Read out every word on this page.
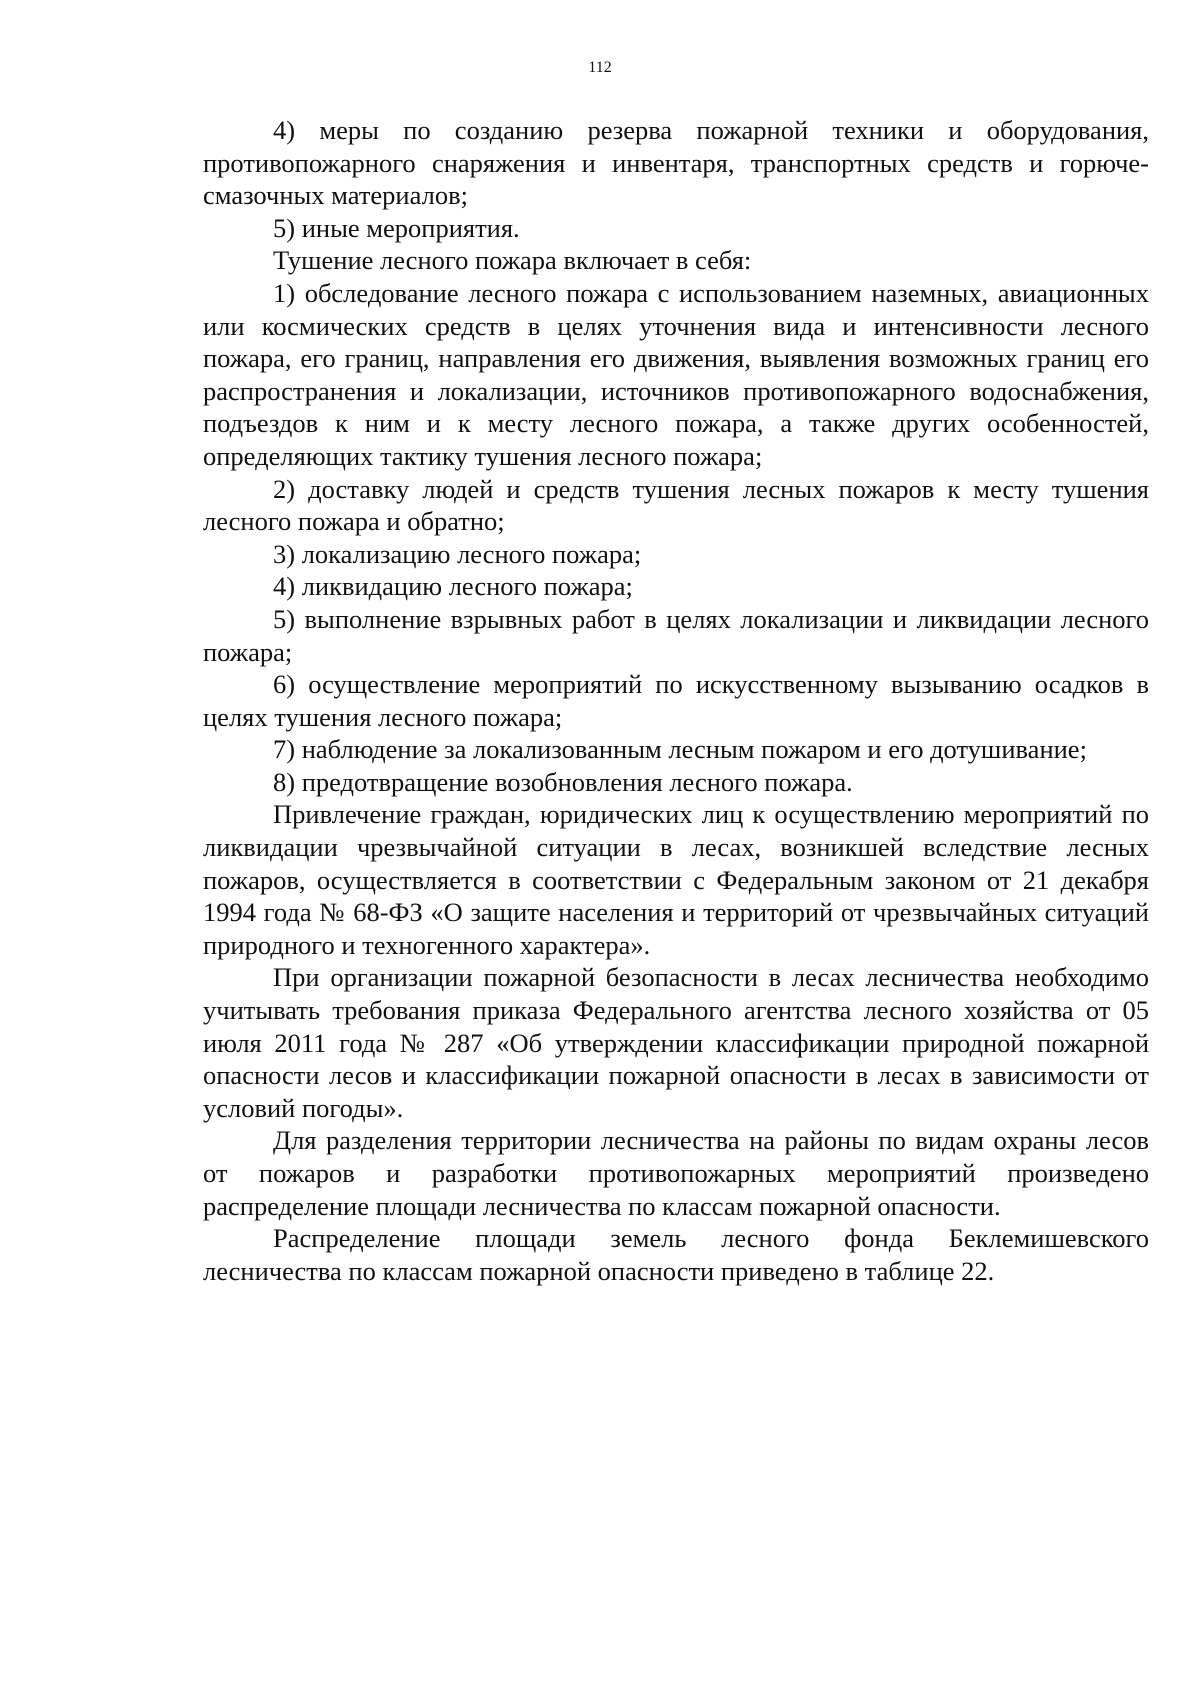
112

4) меры по созданию резерва пожарной техники и оборудования, противопожарного снаряжения и инвентаря, транспортных средств и горюче-смазочных материалов;

5) иные мероприятия.

Тушение лесного пожара включает в себя:

1) обследование лесного пожара с использованием наземных, авиационных или космических средств в целях уточнения вида и интенсивности лесного пожара, его границ, направления его движения, выявления возможных границ его распространения и локализации, источников противопожарного водоснабжения, подъездов к ним и к месту лесного пожара, а также других особенностей, определяющих тактику тушения лесного пожара;

2) доставку людей и средств тушения лесных пожаров к месту тушения лесного пожара и обратно;

3) локализацию лесного пожара;

4) ликвидацию лесного пожара;

5) выполнение взрывных работ в целях локализации и ликвидации лесного пожара;

6) осуществление мероприятий по искусственному вызыванию осадков в целях тушения лесного пожара;

7) наблюдение за локализованным лесным пожаром и его дотушивание;

8) предотвращение возобновления лесного пожара.

Привлечение граждан, юридических лиц к осуществлению мероприятий по ликвидации чрезвычайной ситуации в лесах, возникшей вследствие лесных пожаров, осуществляется в соответствии с Федеральным законом от 21 декабря 1994 года № 68-ФЗ «О защите населения и территорий от чрезвычайных ситуаций природного и техногенного характера».

При организации пожарной безопасности в лесах лесничества необходимо учитывать требования приказа Федерального агентства лесного хозяйства от 05 июля 2011 года № 287 «Об утверждении классификации природной пожарной опасности лесов и классификации пожарной опасности в лесах в зависимости от условий погоды».

Для разделения территории лесничества на районы по видам охраны лесов от пожаров и разработки противопожарных мероприятий произведено распределение площади лесничества по классам пожарной опасности.

Распределение площади земель лесного фонда Беклемишевского лесничества по классам пожарной опасности приведено в таблице 22.
